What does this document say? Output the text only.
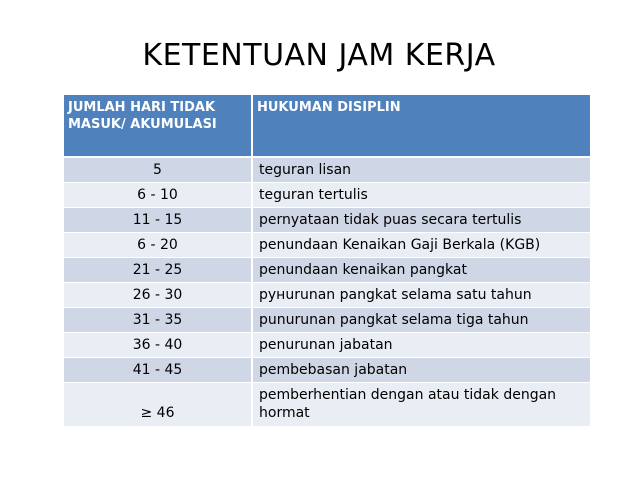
KETENTUAN JAM KERJA
JUMLAH HARI TIDAK MASUK/ AKUMULASI	HUKUMAN DISIPLIN
5	teguran lisan
6 - 10	teguran tertulis
11 - 15	pernyataan tidak puas secara tertulis
6 - 20	penundaan Kenaikan Gaji Berkala (KGB)
21 - 25	penundaan kenaikan pangkat
26 - 30	pунurunan pangkat selama satu tahun
31 - 35	punurunan pangkat selama tiga tahun
36 - 40	penurunan jabatan
41 - 45	pembebasan jabatan
≥ 46	pemberhentian dengan atau tidak dengan hormat
